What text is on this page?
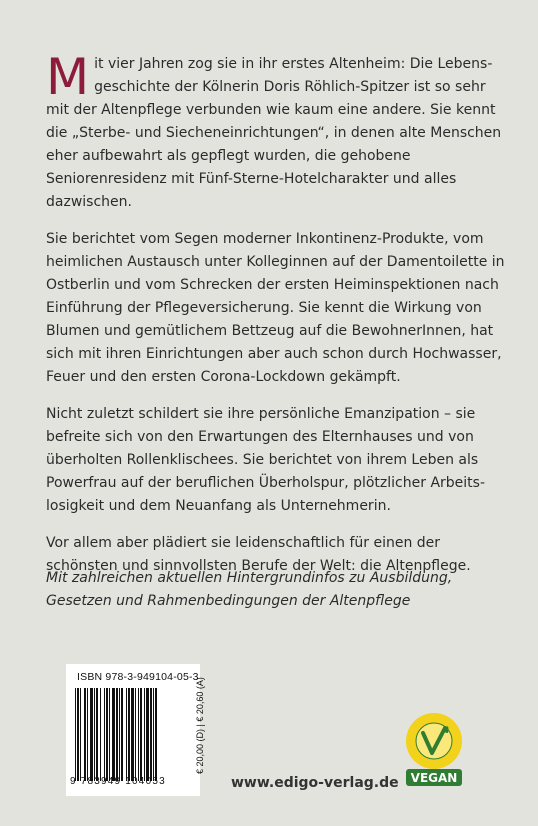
Mit vier Jahren zog sie in ihr erstes Altenheim: Die Lebensgeschichte der Kölnerin Doris Röhlich-Spitzer ist so sehr mit der Altenpflege verbunden wie kaum eine andere. Sie kennt die „Sterbe- und Siecheneinrichtungen“, in denen alte Menschen eher aufbewahrt als gepflegt wurden, die gehobene Seniorenresidenz mit Fünf-Sterne-Hotelcharakter und alles dazwischen.

Sie berichtet vom Segen moderner Inkontinenz-Produkte, vom heimlichen Austausch unter Kolleginnen auf der Damentoilette in Ostberlin und vom Schrecken der ersten Heiminspektionen nach Einführung der Pflegeversicherung. Sie kennt die Wirkung von Blumen und gemütlichem Bettzeug auf die BewohnerInnen, hat sich mit ihren Einrichtungen aber auch schon durch Hochwasser, Feuer und den ersten Corona-Lockdown gekämpft.

Nicht zuletzt schildert sie ihre persönliche Emanzipation – sie befreite sich von den Erwartungen des Elternhauses und von überholten Rollenklischees. Sie berichtet von ihrem Leben als Powerfrau auf der beruflichen Überholspur, plötzlicher Arbeitslosigkeit und dem Neuanfang als Unternehmerin.

Vor allem aber plädiert sie leidenschaftlich für einen der schönsten und sinnvollsten Berufe der Welt: die Altenpflege.

Mit zahlreichen aktuellen Hintergrundinfos zu Ausbildung, Gesetzen und Rahmenbedingungen der Altenpflege
ISBN 978-3-949104-05-3
9 783949 104053
€ 20,00 (D) | € 20,60 (A)
www.edigo-verlag.de VEGAN
